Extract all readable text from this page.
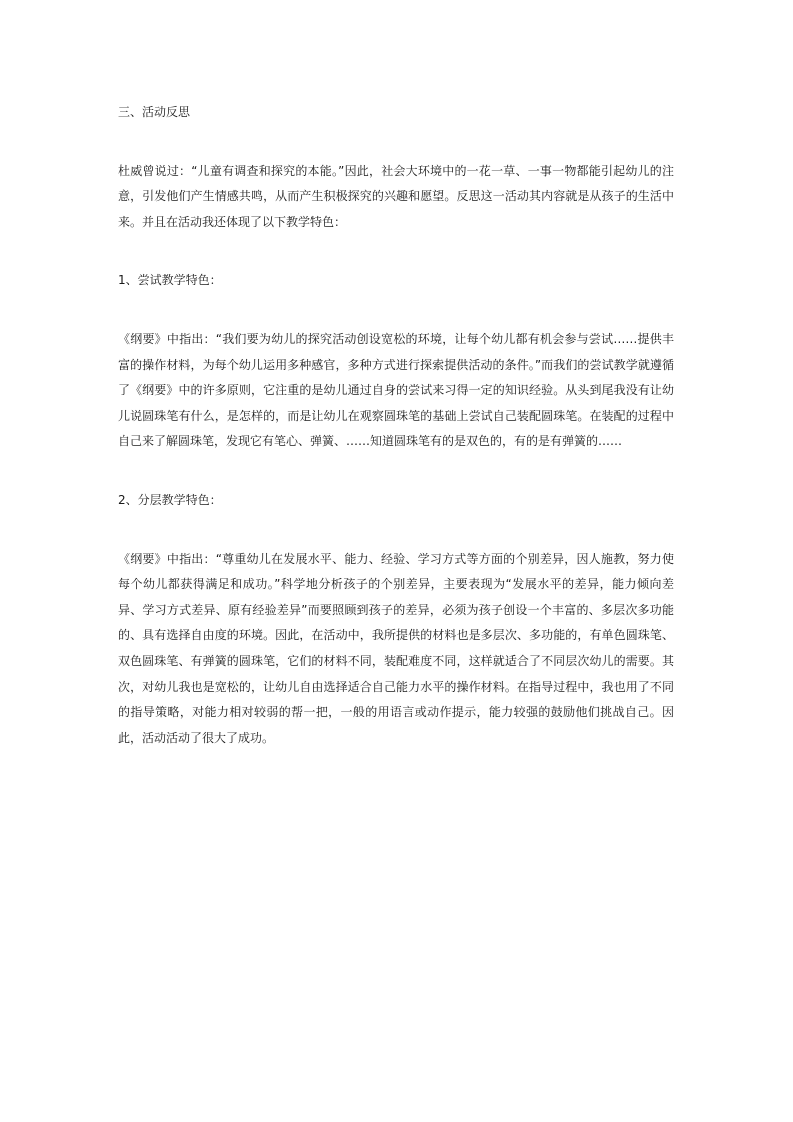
三、活动反思

杜威曾说过：“儿童有调查和探究的本能。”因此，社会大环境中的一花一草、一事一物都能引起幼儿的注意，引发他们产生情感共鸣，从而产生积极探究的兴趣和愿望。反思这一活动其内容就是从孩子的生活中来。并且在活动我还体现了以下教学特色：

1、尝试教学特色：

《纲要》中指出：“我们要为幼儿的探究活动创设宽松的环境，让每个幼儿都有机会参与尝试……提供丰富的操作材料，为每个幼儿运用多种感官，多种方式进行探索提供活动的条件。”而我们的尝试教学就遵循了《纲要》中的许多原则，它注重的是幼儿通过自身的尝试来习得一定的知识经验。从头到尾我没有让幼儿说圆珠笔有什么，是怎样的，而是让幼儿在观察圆珠笔的基础上尝试自己装配圆珠笔。在装配的过程中自己来了解圆珠笔，发现它有笔心、弹簧、……知道圆珠笔有的是双色的，有的是有弹簧的……

2、分层教学特色：

《纲要》中指出：“尊重幼儿在发展水平、能力、经验、学习方式等方面的个别差异，因人施教，努力使每个幼儿都获得满足和成功。”科学地分析孩子的个别差异，主要表现为“发展水平的差异，能力倾向差异、学习方式差异、原有经验差异”而要照顾到孩子的差异，必须为孩子创设一个丰富的、多层次多功能的、具有选择自由度的环境。因此，在活动中，我所提供的材料也是多层次、多功能的，有单色圆珠笔、双色圆珠笔、有弹簧的圆珠笔，它们的材料不同，装配难度不同，这样就适合了不同层次幼儿的需要。其次，对幼儿我也是宽松的，让幼儿自由选择适合自己能力水平的操作材料。在指导过程中，我也用了不同的指导策略，对能力相对较弱的帮一把，一般的用语言或动作提示，能力较强的鼓励他们挑战自己。因此，活动活动了很大了成功。
